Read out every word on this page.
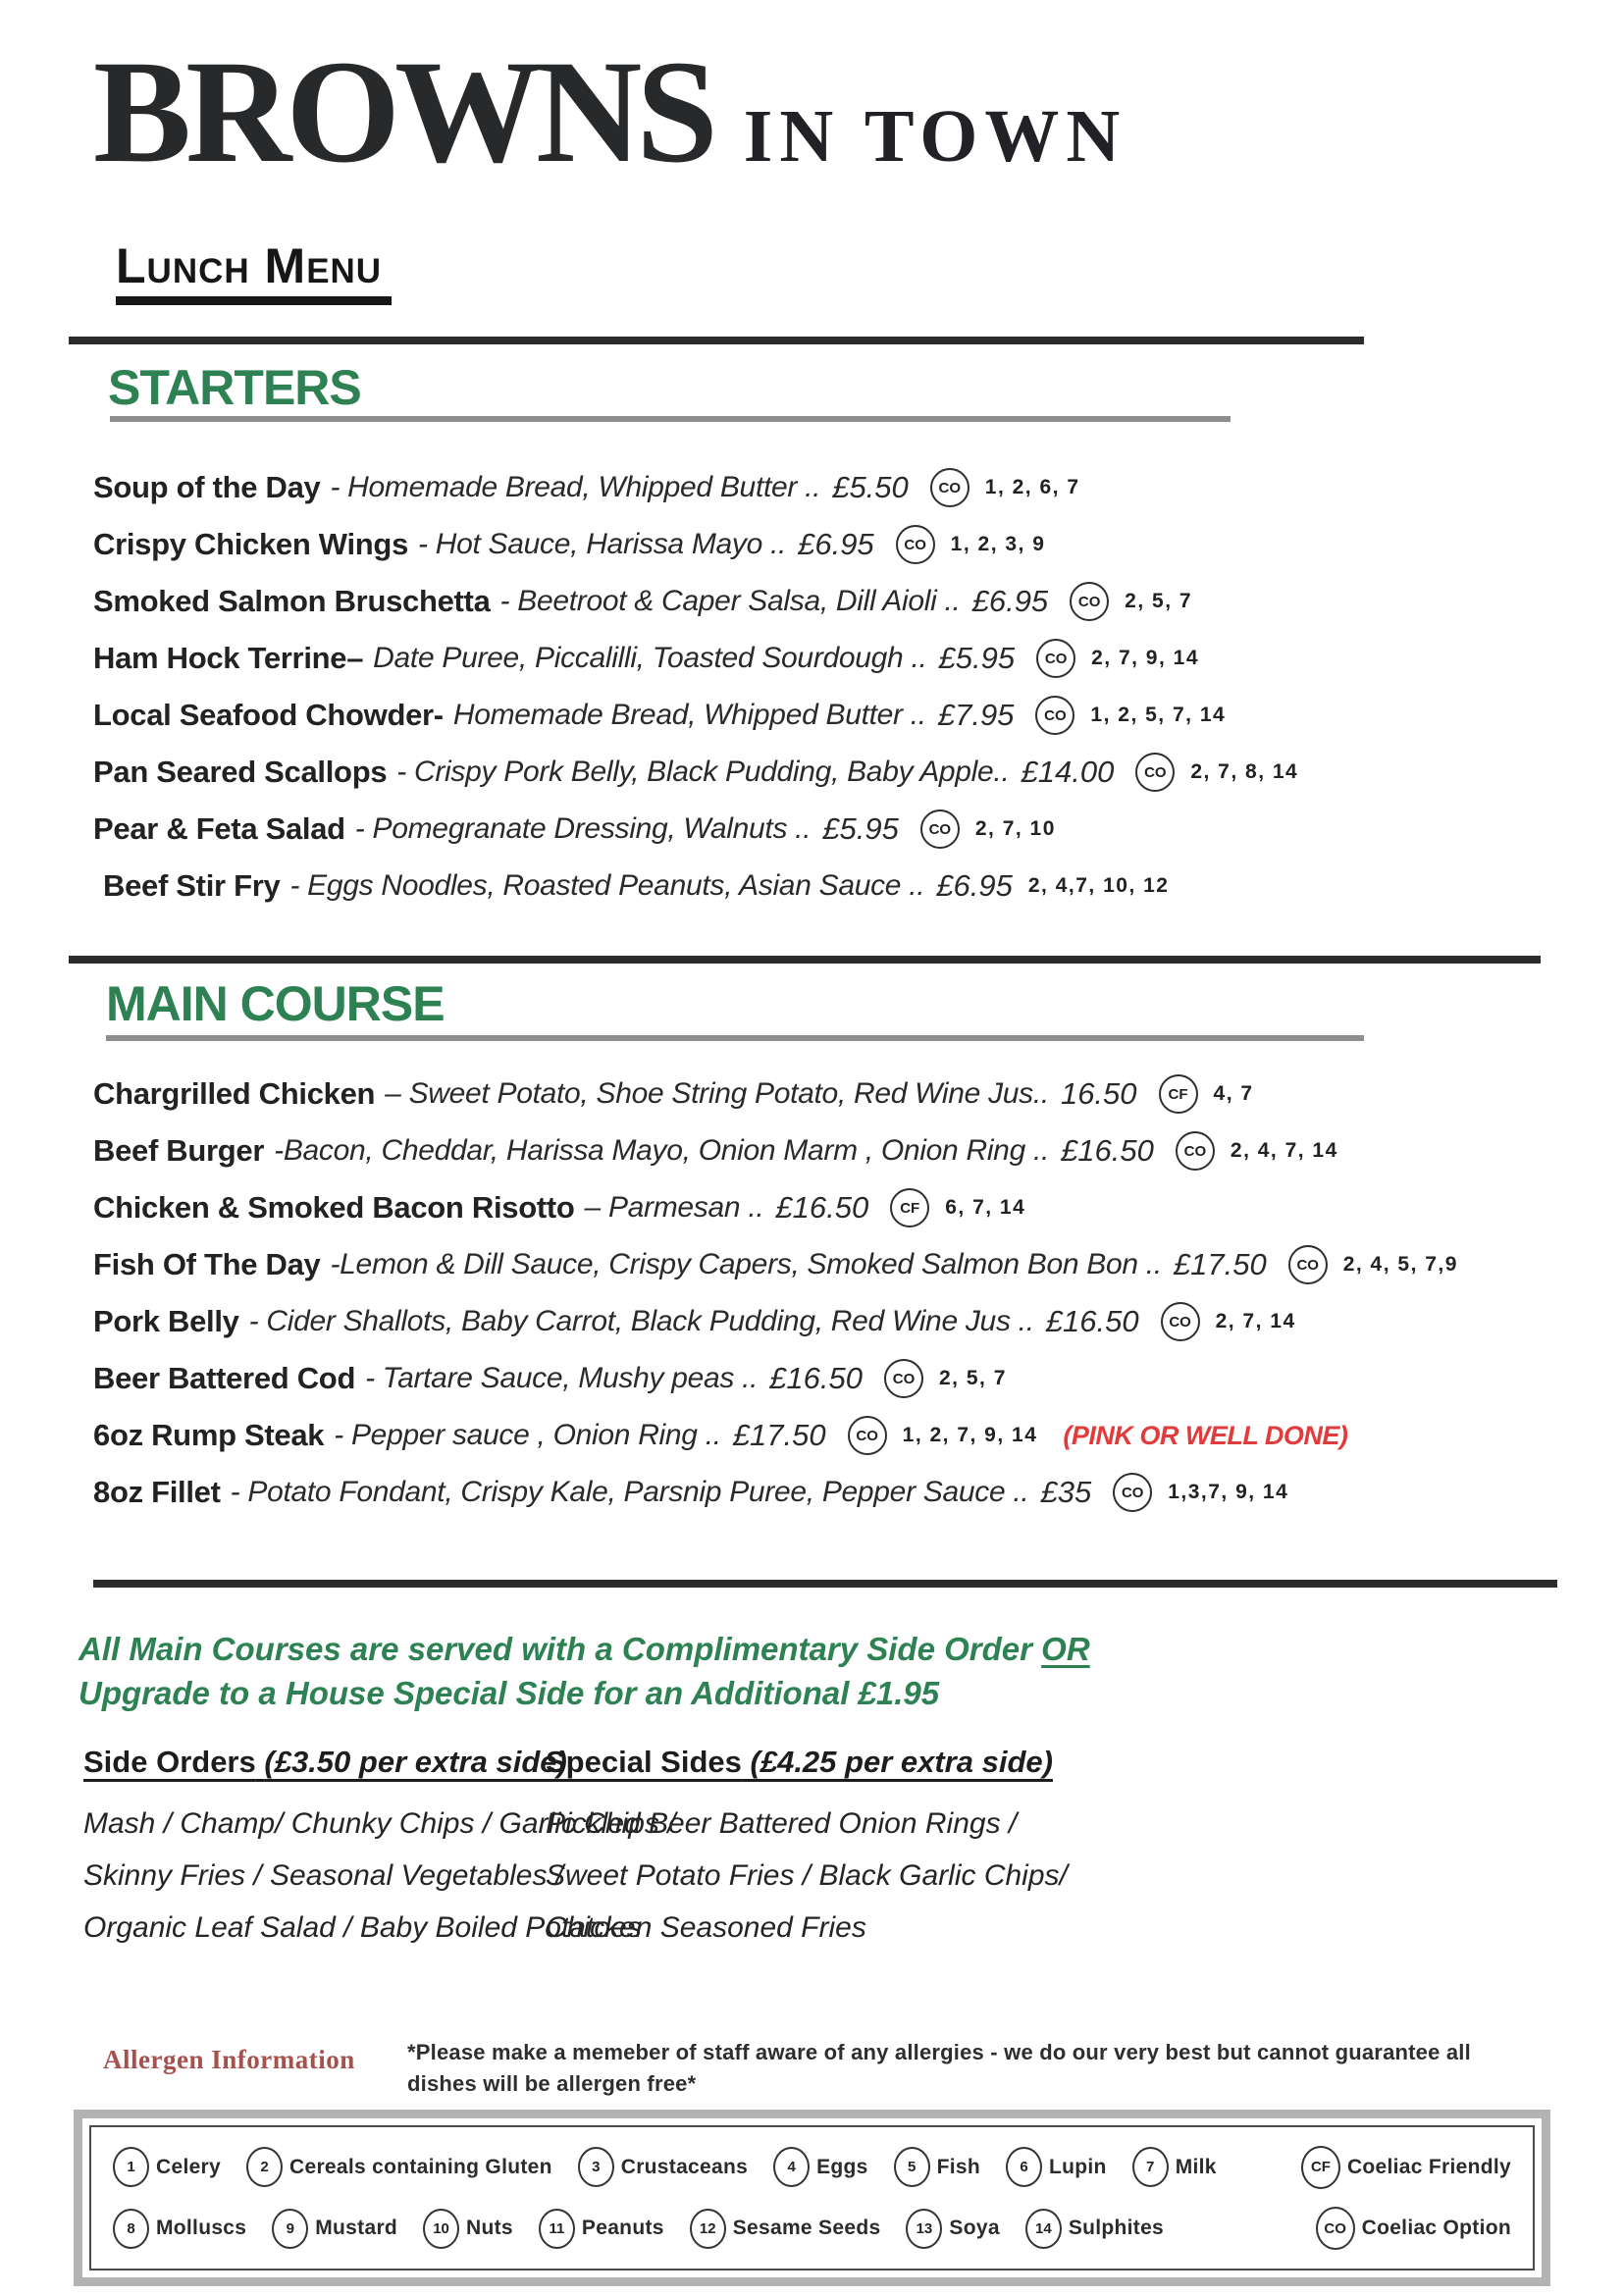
BROWNS IN TOWN
Lunch Menu
STARTERS
Soup of the Day - Homemade Bread, Whipped Butter .. £5.50	CO	1, 2, 6, 7
Crispy Chicken Wings - Hot Sauce, Harissa Mayo .. £6.95	CO	1, 2, 3, 9
Smoked Salmon Bruschetta - Beetroot & Caper Salsa, Dill Aioli .. £6.95	CO	2, 5, 7
Ham Hock Terrine– Date Puree, Piccalilli, Toasted Sourdough .. £5.95	CO	2, 7, 9, 14
Local Seafood Chowder- Homemade Bread, Whipped Butter .. £7.95	CO	1, 2, 5, 7, 14
Pan Seared Scallops - Crispy Pork Belly, Black Pudding, Baby Apple.. £14.00	CO	2, 7, 8, 14
Pear & Feta Salad - Pomegranate Dressing, Walnuts .. £5.95	CO	2, 7, 10
Beef Stir Fry - Eggs Noodles, Roasted Peanuts, Asian Sauce .. £6.95 2, 4,7, 10, 12
MAIN COURSE
Chargrilled Chicken – Sweet Potato, Shoe String Potato, Red Wine Jus.. 16.50	CF	4, 7
Beef Burger -Bacon, Cheddar, Harissa Mayo, Onion Marm , Onion Ring .. £16.50	CO	2, 4, 7, 14
Chicken & Smoked Bacon Risotto – Parmesan .. £16.50	CF	6, 7, 14
Fish Of The Day -Lemon & Dill Sauce, Crispy Capers, Smoked Salmon Bon Bon .. £17.50	CO	2, 4, 5, 7,9
Pork Belly - Cider Shallots, Baby Carrot, Black Pudding, Red Wine Jus .. £16.50	CO	2, 7, 14
Beer Battered Cod - Tartare Sauce, Mushy peas .. £16.50	CO	2, 5, 7
6oz Rump Steak - Pepper sauce , Onion Ring .. £17.50	CO	1, 2, 7, 9, 14 (PINK OR WELL DONE)
8oz Fillet - Potato Fondant, Crispy Kale, Parsnip Puree, Pepper Sauce .. £35	CO	1,3,7, 9, 14
All Main Courses are served with a Complimentary Side Order OR
Upgrade to a House Special Side for an Additional £1.95
Side Orders (£3.50 per extra side)
Mash / Champ/ Chunky Chips / Garlic Chips /
Skinny Fries / Seasonal Vegetables /
Organic Leaf Salad / Baby Boiled Potatoes
Special Sides (£4.25 per extra side)
Pickled Beer Battered Onion Rings /
Sweet Potato Fries / Black Garlic Chips/
Chicken Seasoned Fries
Allergen Information *Please make a memeber of staff aware of any allergies - we do our very best but cannot guarantee all dishes will be allergen free*
1	Celery	2	Cereals containing Gluten	3	Crustaceans	4	Eggs	5	Fish	6	Lupin	7	Milk	CF Coeliac Friendly
8	Molluscs	9	Mustard	10 Nuts	11 Peanuts	12 Sesame Seeds	13 Soya	14 Sulphites	CO Coeliac Option
